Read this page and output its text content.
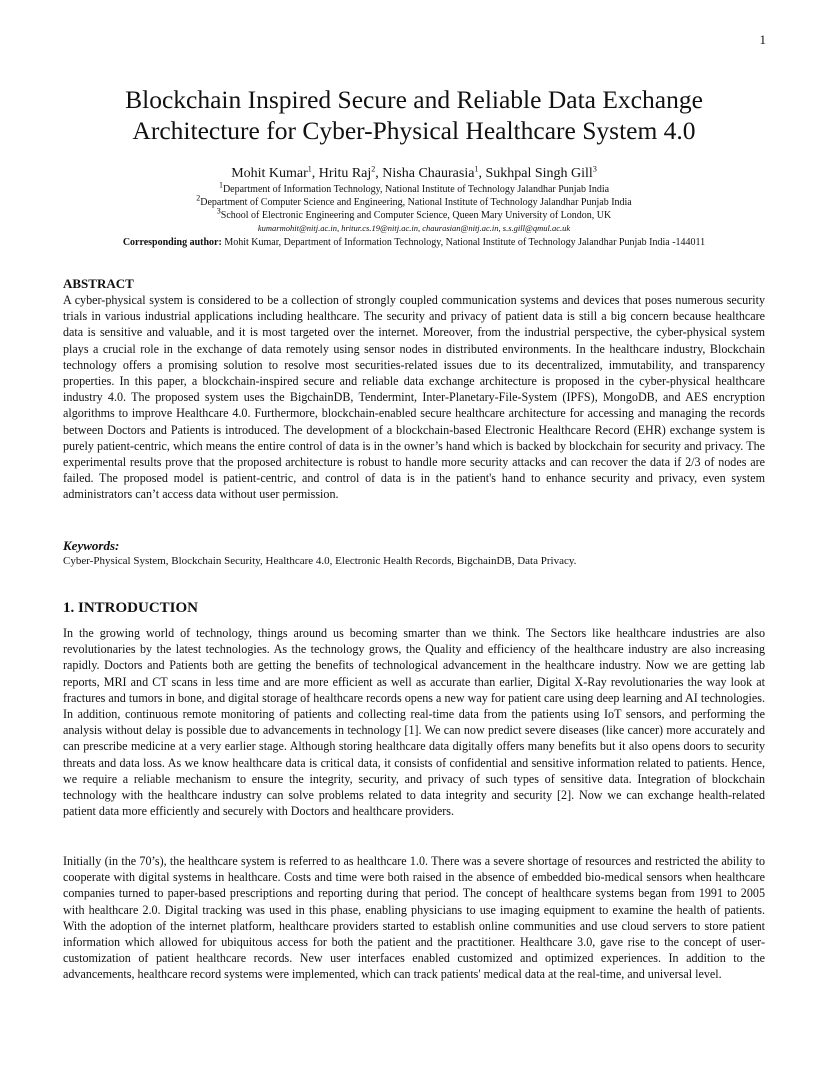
1
Blockchain Inspired Secure and Reliable Data Exchange
Architecture for Cyber-Physical Healthcare System 4.0
Mohit Kumar$^1$, Hritu Raj$^2$, Nisha Chaurasia$^1$, Sukhpal Singh Gill$^3$
$^1$Department of Information Technology, National Institute of Technology Jalandhar Punjab India
$^2$Department of Computer Science and Engineering, National Institute of Technology Jalandhar Punjab India
$^3$School of Electronic Engineering and Computer Science, Queen Mary University of London, UK
kumarmohit@nitj.ac.in, hritur.cs.19@nitj.ac.in, chaurasian@nitj.ac.in, s.s.gill@qmul.ac.uk
Corresponding author: Mohit Kumar, Department of Information Technology, National Institute of Technology Jalandhar Punjab India -144011
ABSTRACT

A cyber-physical system is considered to be a collection of strongly coupled communication systems and devices that poses numerous security trials in various industrial applications including healthcare. The security and privacy of patient data is still a big concern because healthcare data is sensitive and valuable, and it is most targeted over the internet. Moreover, from the industrial perspective, the cyber-physical system plays a crucial role in the exchange of data remotely using sensor nodes in distributed environments. In the healthcare industry, Blockchain technology offers a promising solution to resolve most securities-related issues due to its decentralized, immutability, and transparency properties. In this paper, a blockchain-inspired secure and reliable data exchange architecture is proposed in the cyber-physical healthcare industry 4.0. The proposed system uses the BigchainDB, Tendermint, Inter-Planetary-File-System (IPFS), MongoDB, and AES encryption algorithms to improve Healthcare 4.0. Furthermore, blockchain-enabled secure healthcare architecture for accessing and managing the records between Doctors and Patients is introduced. The development of a blockchain-based Electronic Healthcare Record (EHR) exchange system is purely patient-centric, which means the entire control of data is in the owner’s hand which is backed by blockchain for security and privacy. The experimental results prove that the proposed architecture is robust to handle more security attacks and can recover the data if 2/3 of nodes are failed. The proposed model is patient-centric, and control of data is in the patient's hand to enhance security and privacy, even system administrators can’t access data without user permission.

Keywords:
Cyber-Physical System, Blockchain Security, Healthcare 4.0, Electronic Health Records, BigchainDB, Data Privacy.
1. INTRODUCTION

In the growing world of technology, things around us becoming smarter than we think. The Sectors like healthcare industries are also revolutionaries by the latest technologies. As the technology grows, the Quality and efficiency of the healthcare industry are also increasing rapidly. Doctors and Patients both are getting the benefits of technological advancement in the healthcare industry. Now we are getting lab reports, MRI and CT scans in less time and are more efficient as well as accurate than earlier, Digital X-Ray revolutionaries the way look at fractures and tumors in bone, and digital storage of healthcare records opens a new way for patient care using deep learning and AI technologies. In addition, continuous remote monitoring of patients and collecting real-time data from the patients using IoT sensors, and performing the analysis without delay is possible due to advancements in technology [1]. We can now predict severe diseases (like cancer) more accurately and can prescribe medicine at a very earlier stage. Although storing healthcare data digitally offers many benefits but it also opens doors to security threats and data loss. As we know healthcare data is critical data, it consists of confidential and sensitive information related to patients. Hence, we require a reliable mechanism to ensure the integrity, security, and privacy of such types of sensitive data. Integration of blockchain technology with the healthcare industry can solve problems related to data integrity and security [2]. Now we can exchange health-related patient data more efficiently and securely with Doctors and healthcare providers.

Initially (in the 70’s), the healthcare system is referred to as healthcare 1.0. There was a severe shortage of resources and restricted the ability to cooperate with digital systems in healthcare. Costs and time were both raised in the absence of embedded bio-medical sensors when healthcare companies turned to paper-based prescriptions and reporting during that period. The concept of healthcare systems began from 1991 to 2005 with healthcare 2.0. Digital tracking was used in this phase, enabling physicians to use imaging equipment to examine the health of patients. With the adoption of the internet platform, healthcare providers started to establish online communities and use cloud servers to store patient information which allowed for ubiquitous access for both the patient and the practitioner. Healthcare 3.0, gave rise to the concept of user-customization of patient healthcare records. New user interfaces enabled customized and optimized experiences. In addition to the advancements, healthcare record systems were implemented, which can track patients' medical data at the real-time, and universal level.
